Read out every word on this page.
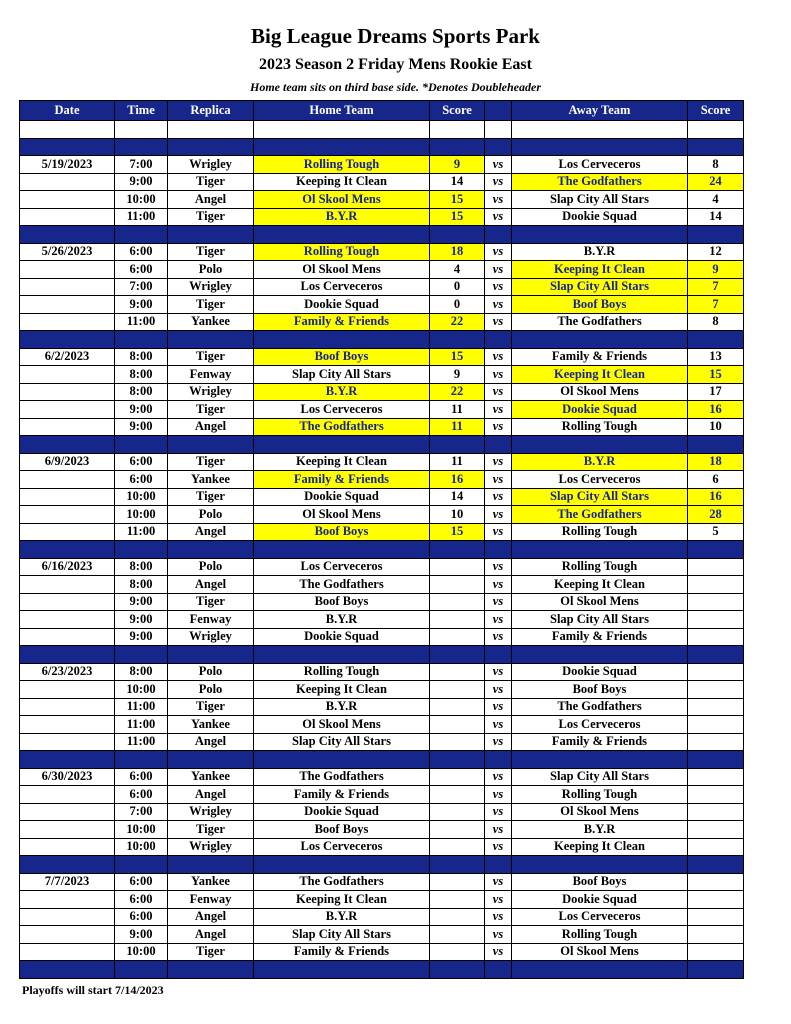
Big League Dreams Sports Park
2023 Season 2 Friday Mens Rookie East
Home team sits on third base side. *Denotes Doubleheader
Date	Time	Replica	Home Team	Score		Away Team	Score

5/19/2023	7:00	Wrigley	Rolling Tough	9	vs	Los Cerveceros	8
	9:00	Tiger	Keeping It Clean	14	vs	The Godfathers	24
	10:00	Angel	Ol Skool Mens	15	vs	Slap City All Stars	4
	11:00	Tiger	B.Y.R	15	vs	Dookie Squad	14

5/26/2023	6:00	Tiger	Rolling Tough	18	vs	B.Y.R	12
	6:00	Polo	Ol Skool Mens	4	vs	Keeping It Clean	9
	7:00	Wrigley	Los Cerveceros	0	vs	Slap City All Stars	7
	9:00	Tiger	Dookie Squad	0	vs	Boof Boys	7
	11:00	Yankee	Family & Friends	22	vs	The Godfathers	8

6/2/2023	8:00	Tiger	Boof Boys	15	vs	Family & Friends	13
	8:00	Fenway	Slap City All Stars	9	vs	Keeping It Clean	15
	8:00	Wrigley	B.Y.R	22	vs	Ol Skool Mens	17
	9:00	Tiger	Los Cerveceros	11	vs	Dookie Squad	16
	9:00	Angel	The Godfathers	11	vs	Rolling Tough	10

6/9/2023	6:00	Tiger	Keeping It Clean	11	vs	B.Y.R	18
	6:00	Yankee	Family & Friends	16	vs	Los Cerveceros	6
	10:00	Tiger	Dookie Squad	14	vs	Slap City All Stars	16
	10:00	Polo	Ol Skool Mens	10	vs	The Godfathers	28
	11:00	Angel	Boof Boys	15	vs	Rolling Tough	5

6/16/2023	8:00	Polo	Los Cerveceros		vs	Rolling Tough	
	8:00	Angel	The Godfathers		vs	Keeping It Clean	
	9:00	Tiger	Boof Boys		vs	Ol Skool Mens	
	9:00	Fenway	B.Y.R		vs	Slap City All Stars	
	9:00	Wrigley	Dookie Squad		vs	Family & Friends	

6/23/2023	8:00	Polo	Rolling Tough		vs	Dookie Squad	
	10:00	Polo	Keeping It Clean		vs	Boof Boys	
	11:00	Tiger	B.Y.R		vs	The Godfathers	
	11:00	Yankee	Ol Skool Mens		vs	Los Cerveceros	
	11:00	Angel	Slap City All Stars		vs	Family & Friends	

6/30/2023	6:00	Yankee	The Godfathers		vs	Slap City All Stars	
	6:00	Angel	Family & Friends		vs	Rolling Tough	
	7:00	Wrigley	Dookie Squad		vs	Ol Skool Mens	
	10:00	Tiger	Boof Boys		vs	B.Y.R	
	10:00	Wrigley	Los Cerveceros		vs	Keeping It Clean	

7/7/2023	6:00	Yankee	The Godfathers		vs	Boof Boys	
	6:00	Fenway	Keeping It Clean		vs	Dookie Squad	
	6:00	Angel	B.Y.R		vs	Los Cerveceros	
	9:00	Angel	Slap City All Stars		vs	Rolling Tough	
	10:00	Tiger	Family & Friends		vs	Ol Skool Mens	

Playoffs will start 7/14/2023
